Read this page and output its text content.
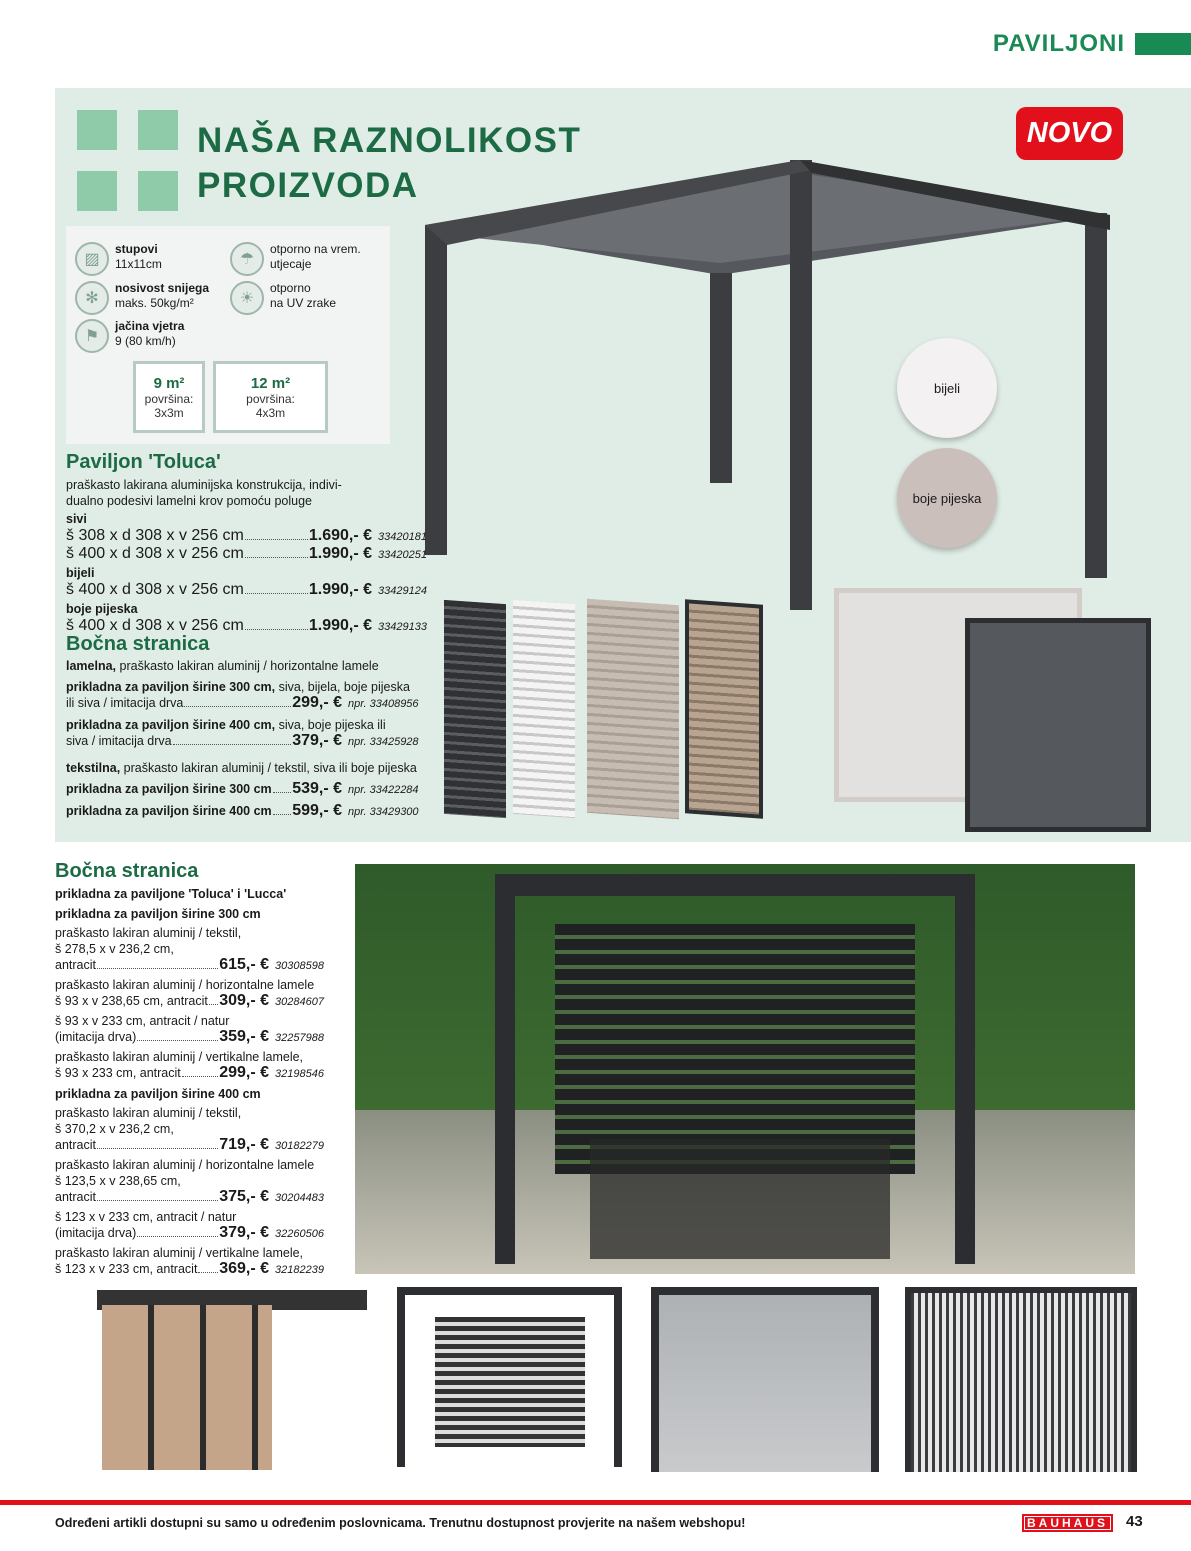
PAVILJONI
NAŠA RAZNOLIKOST
PROIZVODA
NOVO
bijeli
boje pijeska
▨
stupovi
11x11cm
✻
nosivost snijega
maks. 50kg/m²
⚑
jačina vjetra
9 (80 km/h)
☂
otporno na vrem.
utjecaje
☀
otporno
na UV zrake
9 m²
površina:
3x3m
12 m²
površina:
4x3m
Paviljon 'Toluca'
praškasto lakirana aluminijska konstrukcija, indivi-dualno podesivi lamelni krov pomoću poluge
sivi
š 308 x d 308 x v 256 cm	1.690,- € 33420181
š 400 x d 308 x v 256 cm	1.990,- € 33420251
bijeli
š 400 x d 308 x v 256 cm	1.990,- € 33429124
boje pijeska
š 400 x d 308 x v 256 cm	1.990,- € 33429133
Bočna stranica
lamelna, praškasto lakiran aluminij / horizontalne lamele
prikladna za paviljon širine 300 cm, siva, bijela, boje pijeska
ili siva / imitacija drva	299,- € npr. 33408956
prikladna za paviljon širine 400 cm, siva, boje pijeska ili
siva / imitacija drva	379,- € npr. 33425928
tekstilna, praškasto lakiran aluminij / tekstil, siva ili boje pijeska
prikladna za paviljon širine 300 cm 539,- € npr. 33422284
prikladna za paviljon širine 400 cm 599,- € npr. 33429300
Bočna stranica
prikladna za paviljone 'Toluca' i 'Lucca'
prikladna za paviljon širine 300 cm
praškasto lakiran aluminij / tekstil,
š 278,5 x v 236,2 cm,
antracit	615,- € 30308598
praškasto lakiran aluminij / horizontalne lamele
š 93 x v 238,65 cm, antracit 309,- € 30284607
š 93 x v 233 cm, antracit / natur
(imitacija drva)	359,- € 32257988
praškasto lakiran aluminij / vertikalne lamele,
š 93 x 233 cm, antracit 299,- € 32198546
prikladna za paviljon širine 400 cm
praškasto lakiran aluminij / tekstil,
š 370,2 x v 236,2 cm,
antracit	719,- € 30182279
praškasto lakiran aluminij / horizontalne lamele
š 123,5 x v 238,65 cm,
antracit	375,- € 30204483
š 123 x v 233 cm, antracit / natur
(imitacija drva)	379,- € 32260506
praškasto lakiran aluminij / vertikalne lamele,
š 123 x v 233 cm, antracit 369,- € 32182239
Određeni artikli dostupni su samo u određenim poslovnicama. Trenutnu dostupnost provjerite na našem webshopu!	BAUHAUS	43
